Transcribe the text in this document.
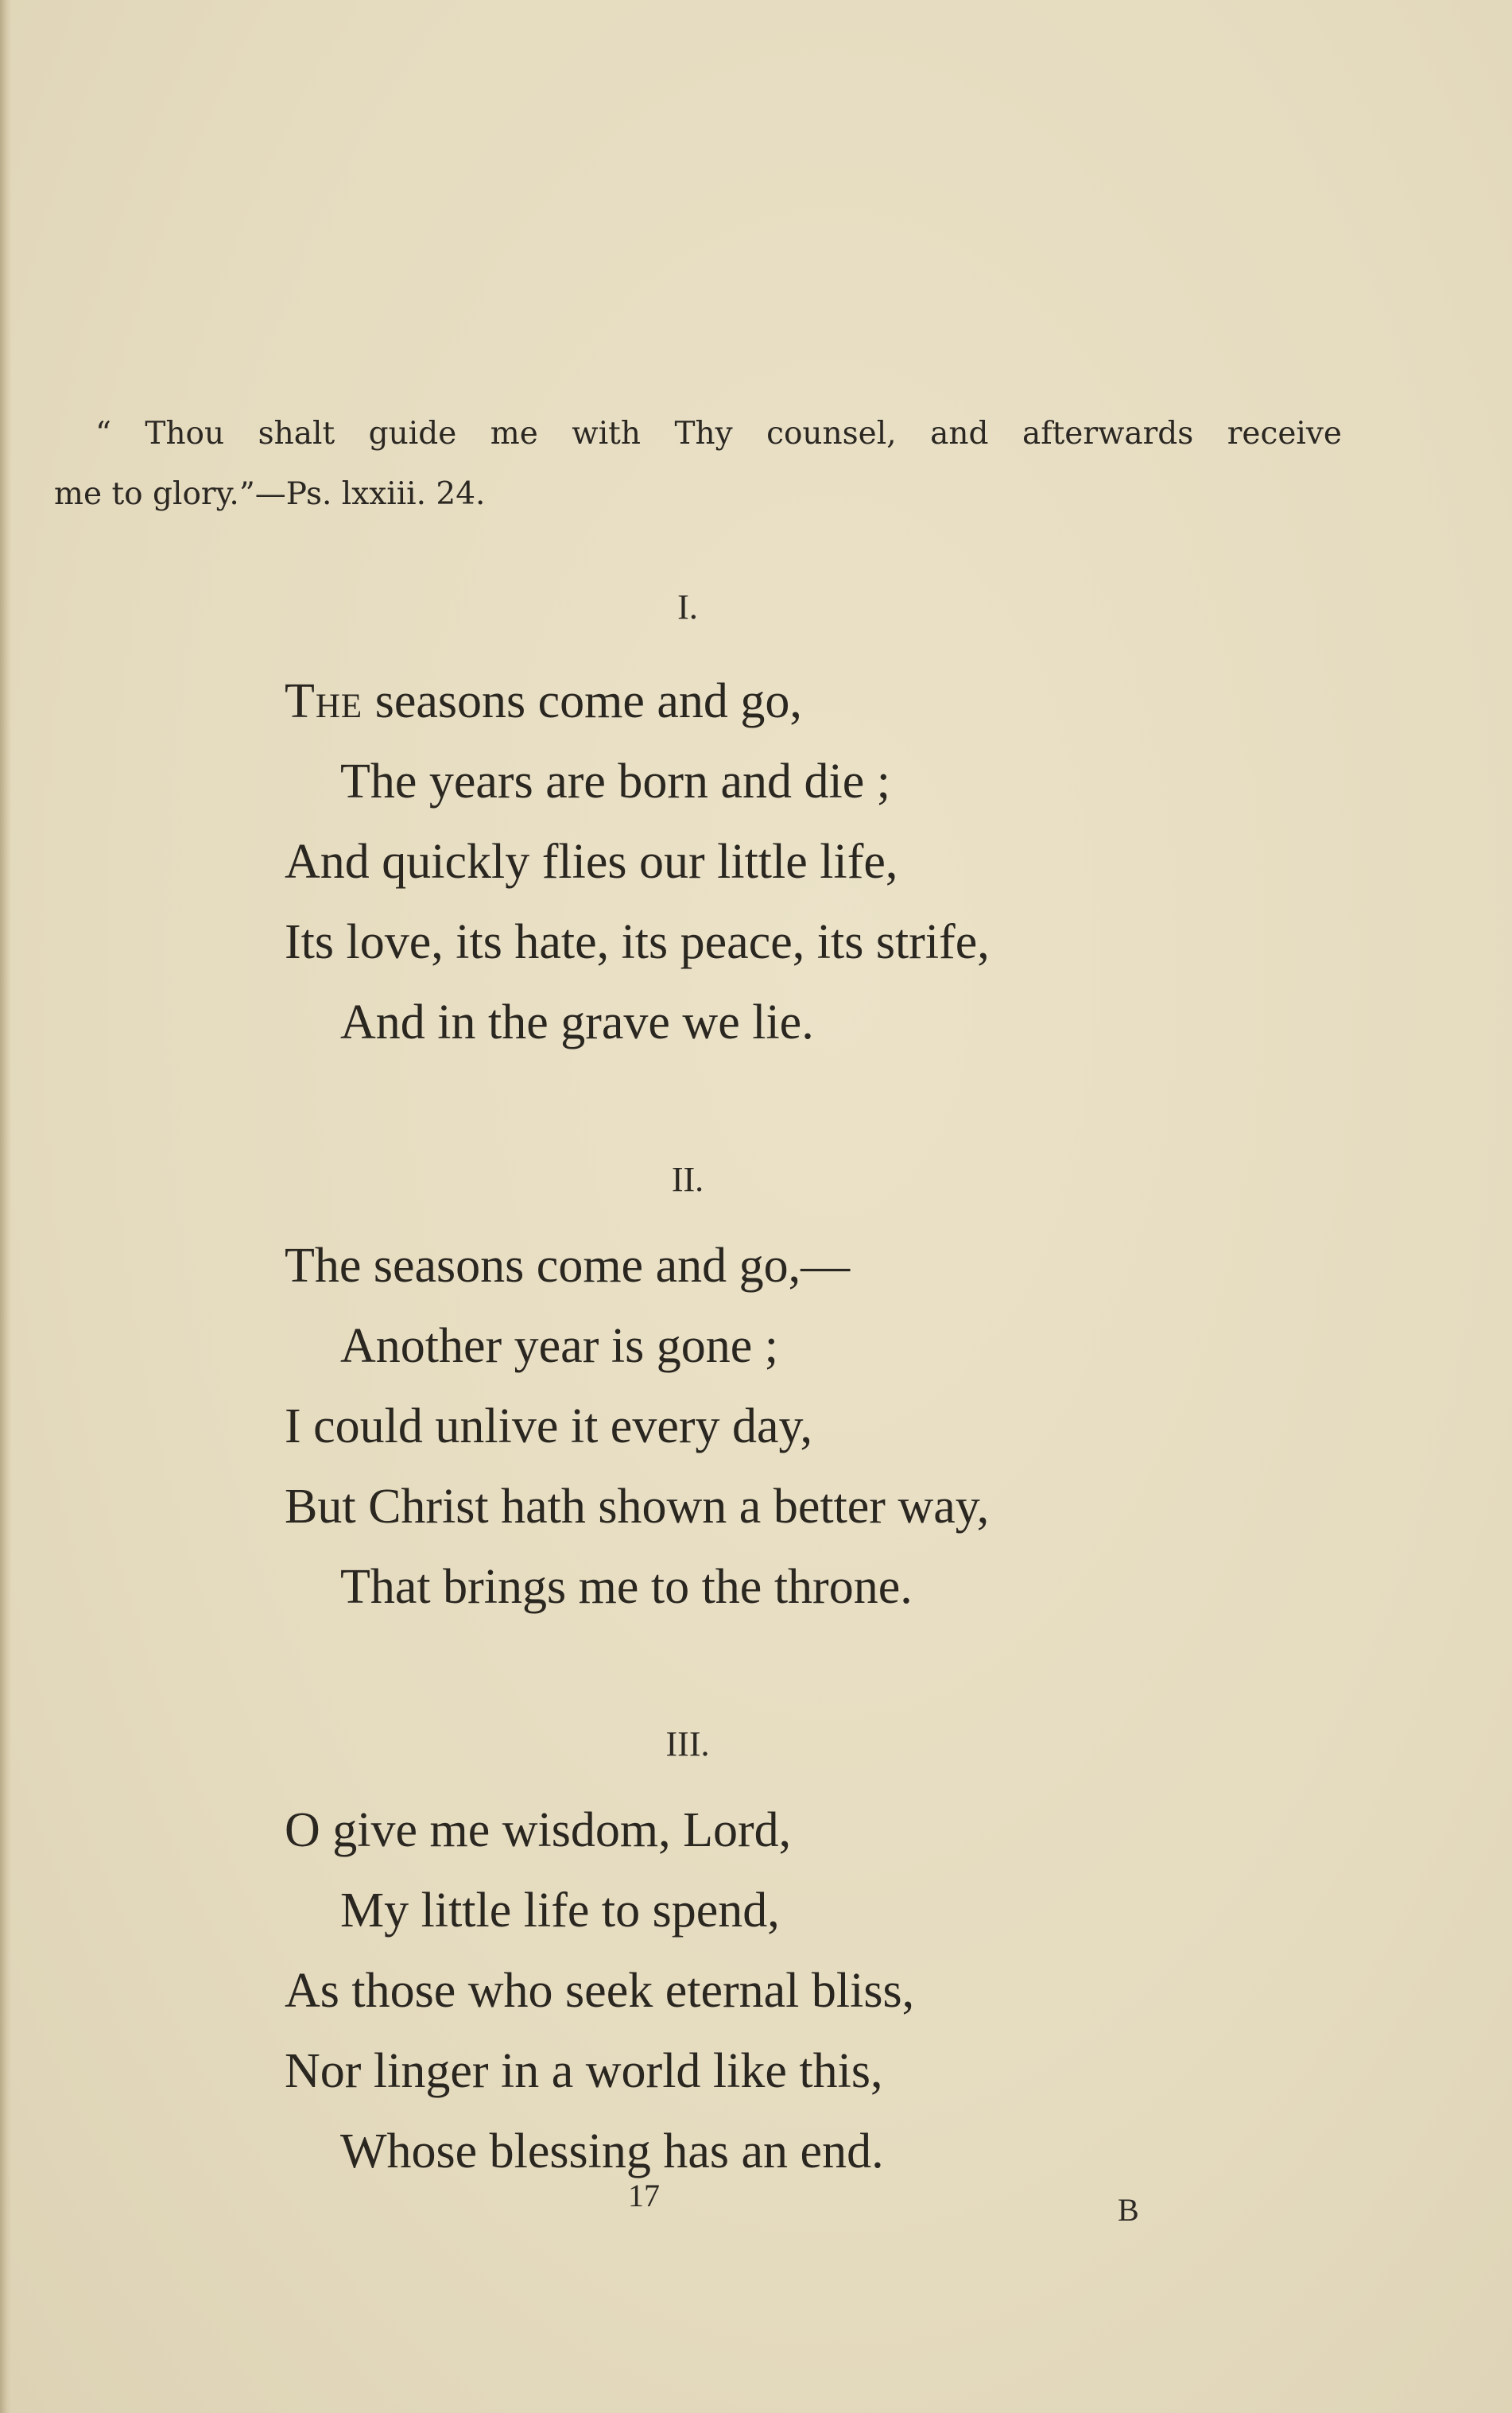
“ Thou shalt guide me with Thy counsel, and afterwards receive
me to glory.”—Ps. lxxiii. 24.
I.
The seasons come and go,
The years are born and die ;
And quickly flies our little life,
Its love, its hate, its peace, its strife,
And in the grave we lie.
II.
The seasons come and go,—
Another year is gone ;
I could unlive it every day,
But Christ hath shown a better way,
That brings me to the throne.
III.
O give me wisdom, Lord,
My little life to spend,
As those who seek eternal bliss,
Nor linger in a world like this,
Whose blessing has an end.
17	B
